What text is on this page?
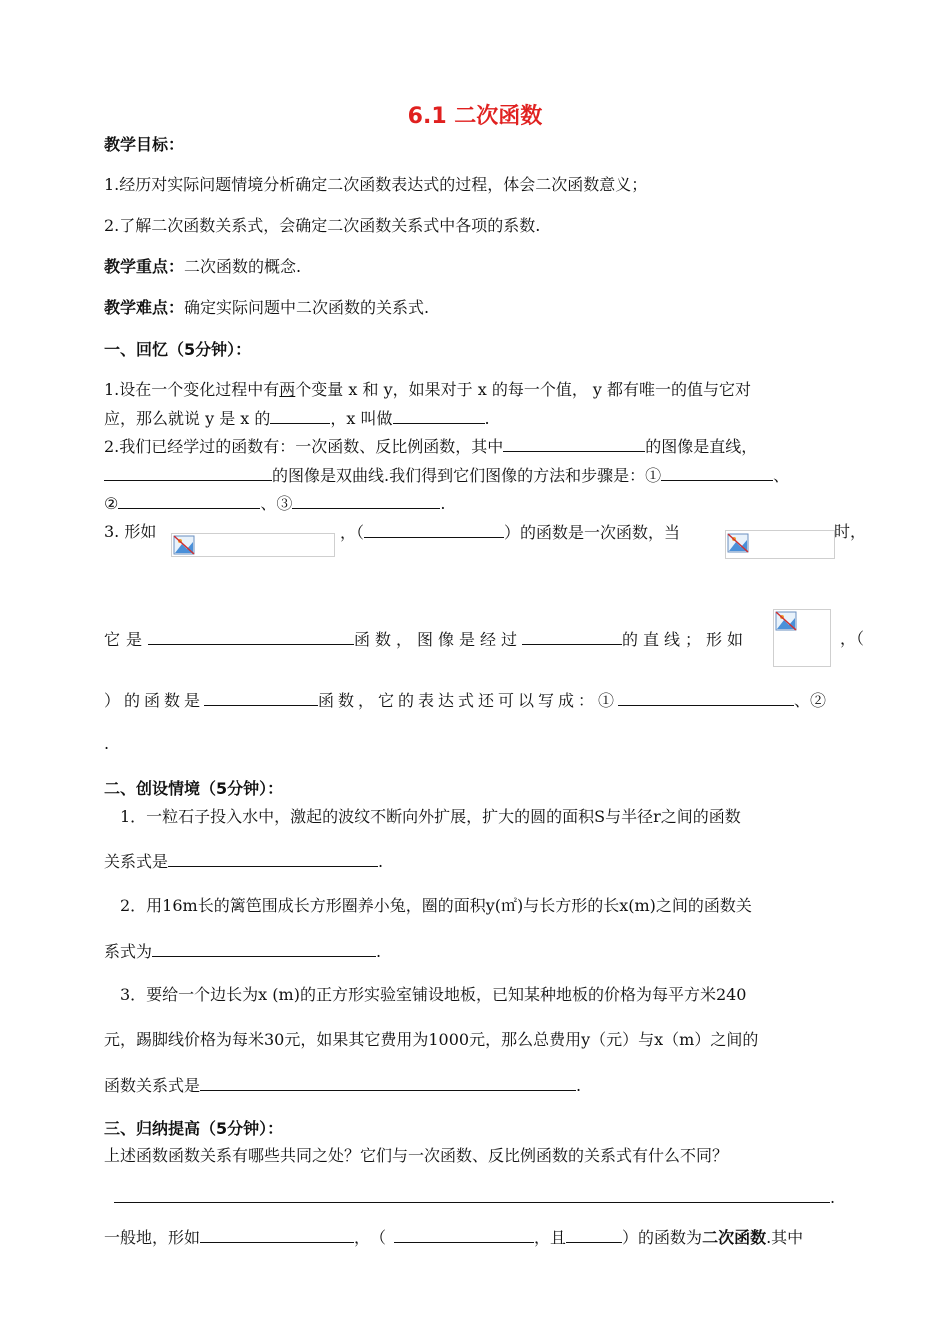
6.1 二次函数
教学目标：
1.经历对实际问题情境分析确定二次函数表达式的过程，体会二次函数意义；
2.了解二次函数关系式，会确定二次函数关系式中各项的系数.
教学重点：二次函数的概念.
教学难点：确定实际问题中二次函数的关系式.
一、回忆（5分钟）：
1.设在一个变化过程中有两个变量 x 和 y，如果对于 x 的每一个值， y 都有唯一的值与它对
应，那么就说 y 是 x 的	，x 叫做	.
2.我们已经学过的函数有：一次函数、反比例函数，其中	的图像是直线，
的图像是双曲线.我们得到它们图像的方法和步骤是：①	、
②	、③	.
3. 形如	，（	）的函数是一次函数，当	时，
它是	函数，图像是经过	的直线；形如	，（
）的函数是	函数，它的表达式还可以写成：①	、②
.
二、创设情境（5分钟）：
1．一粒石子投入水中，激起的波纹不断向外扩展，扩大的圆的面积S与半径r之间的函数
关系式是	.
2．用16m长的篱笆围成长方形圈养小兔，圈的面积y(㎡)与长方形的长x(m)之间的函数关
系式为	.
3．要给一个边长为x (m)的正方形实验室铺设地板，已知某种地板的价格为每平方米240
元，踢脚线价格为每米30元，如果其它费用为1000元，那么总费用y（元）与x（m）之间的
函数关系式是	.
三、归纳提高（5分钟）：
上述函数函数关系有哪些共同之处？它们与一次函数、反比例函数的关系式有什么不同？
.
一般地，形如	，（	，且	）的函数为二次函数.其中
